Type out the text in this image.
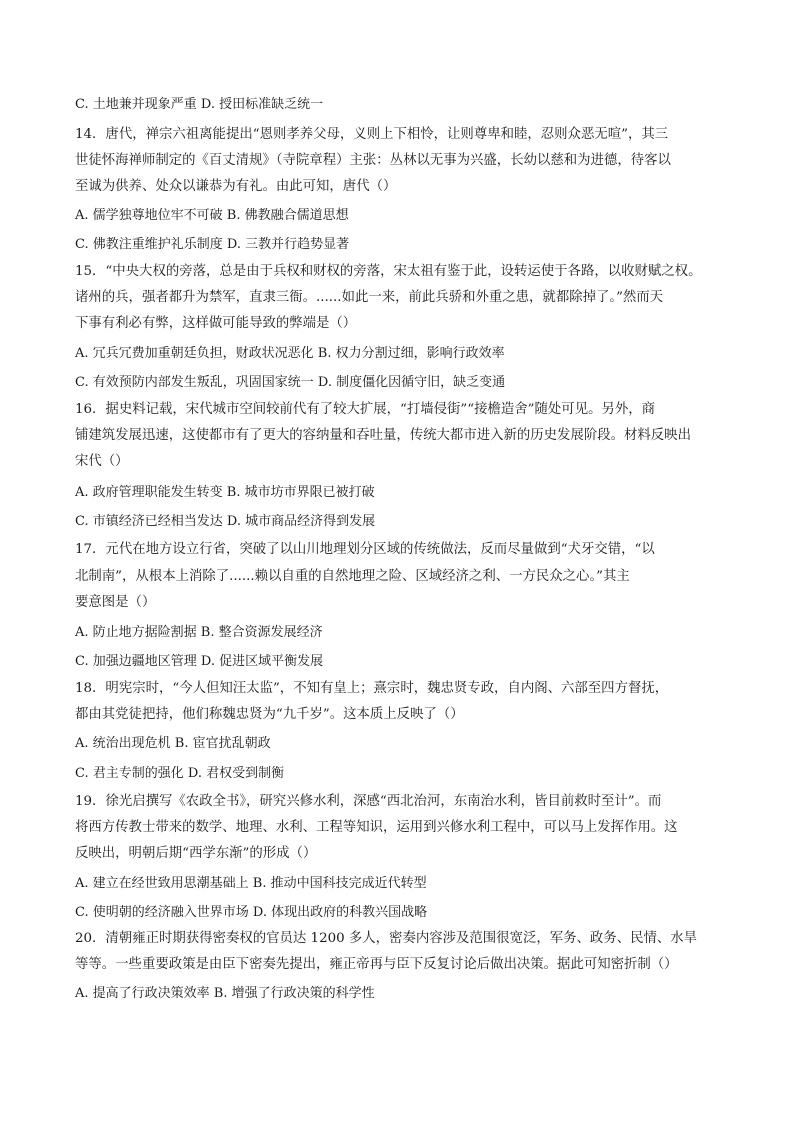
C. 土地兼并现象严重 D. 授田标准缺乏统一
14．唐代，禅宗六祖离能提出“恩则孝养父母，义则上下相怜，让则尊卑和睦，忍则众恶无喧”，其三
世徒怀海禅师制定的《百丈清规》（寺院章程）主张：丛林以无事为兴盛，长幼以慈和为进德，待客以
至诚为供养、处众以谦恭为有礼。由此可知，唐代（）
A. 儒学独尊地位牢不可破 B. 佛教融合儒道思想
C. 佛教注重维护礼乐制度 D. 三教并行趋势显著
15．“中央大权的旁落，总是由于兵权和财权的旁落，宋太祖有鉴于此，设转运使于各路，以收财赋之权。
诸州的兵，强者都升为禁军，直隶三衙。......如此一来，前此兵骄和外重之患，就都除掉了。”然而天
下事有利必有弊，这样做可能导致的弊端是（）
A. 冗兵冗费加重朝廷负担，财政状况恶化 B. 权力分割过细，影响行政效率
C. 有效预防内部发生叛乱，巩固国家统一 D. 制度僵化因循守旧，缺乏变通
16．据史料记载，宋代城市空间较前代有了较大扩展，“打墙侵街”“接檐造舍”随处可见。另外，商
铺建筑发展迅速，这使都市有了更大的容纳量和吞吐量，传统大都市进入新的历史发展阶段。材料反映出
宋代（）
A. 政府管理职能发生转变 B. 城市坊市界限已被打破
C. 市镇经济已经相当发达 D. 城市商品经济得到发展
17．元代在地方设立行省，突破了以山川地理划分区域的传统做法，反而尽量做到“犬牙交错，“以
北制南”，从根本上消除了......赖以自重的自然地理之险、区域经济之利、一方民众之心。”其主
要意图是（）
A. 防止地方据险割据 B. 整合资源发展经济
C. 加强边疆地区管理 D. 促进区域平衡发展
18．明宪宗时，“今人但知汪太监”，不知有皇上；熹宗时，魏忠贤专政，自内阁、六部至四方督抚，
都由其党徒把持，他们称魏忠贤为“九千岁”。这本质上反映了（）
A. 统治出现危机 B. 宦官扰乱朝政
C. 君主专制的强化 D. 君权受到制衡
19．徐光启撰写《农政全书》，研究兴修水利，深感“西北治河，东南治水利，皆目前救时至计”。而
将西方传教士带来的数学、地理、水利、工程等知识，运用到兴修水利工程中，可以马上发挥作用。这
反映出，明朝后期“西学东渐”的形成（）
A. 建立在经世致用思潮基础上 B. 推动中国科技完成近代转型
C. 使明朝的经济融入世界市场 D. 体现出政府的科教兴国战略
20．清朝雍正时期获得密奏权的官员达 1200 多人，密奏内容涉及范围很宽泛，军务、政务、民情、水旱
等等。一些重要政策是由臣下密奏先提出，雍正帝再与臣下反复讨论后做出决策。据此可知密折制（）
A. 提高了行政决策效率 B. 增强了行政决策的科学性
